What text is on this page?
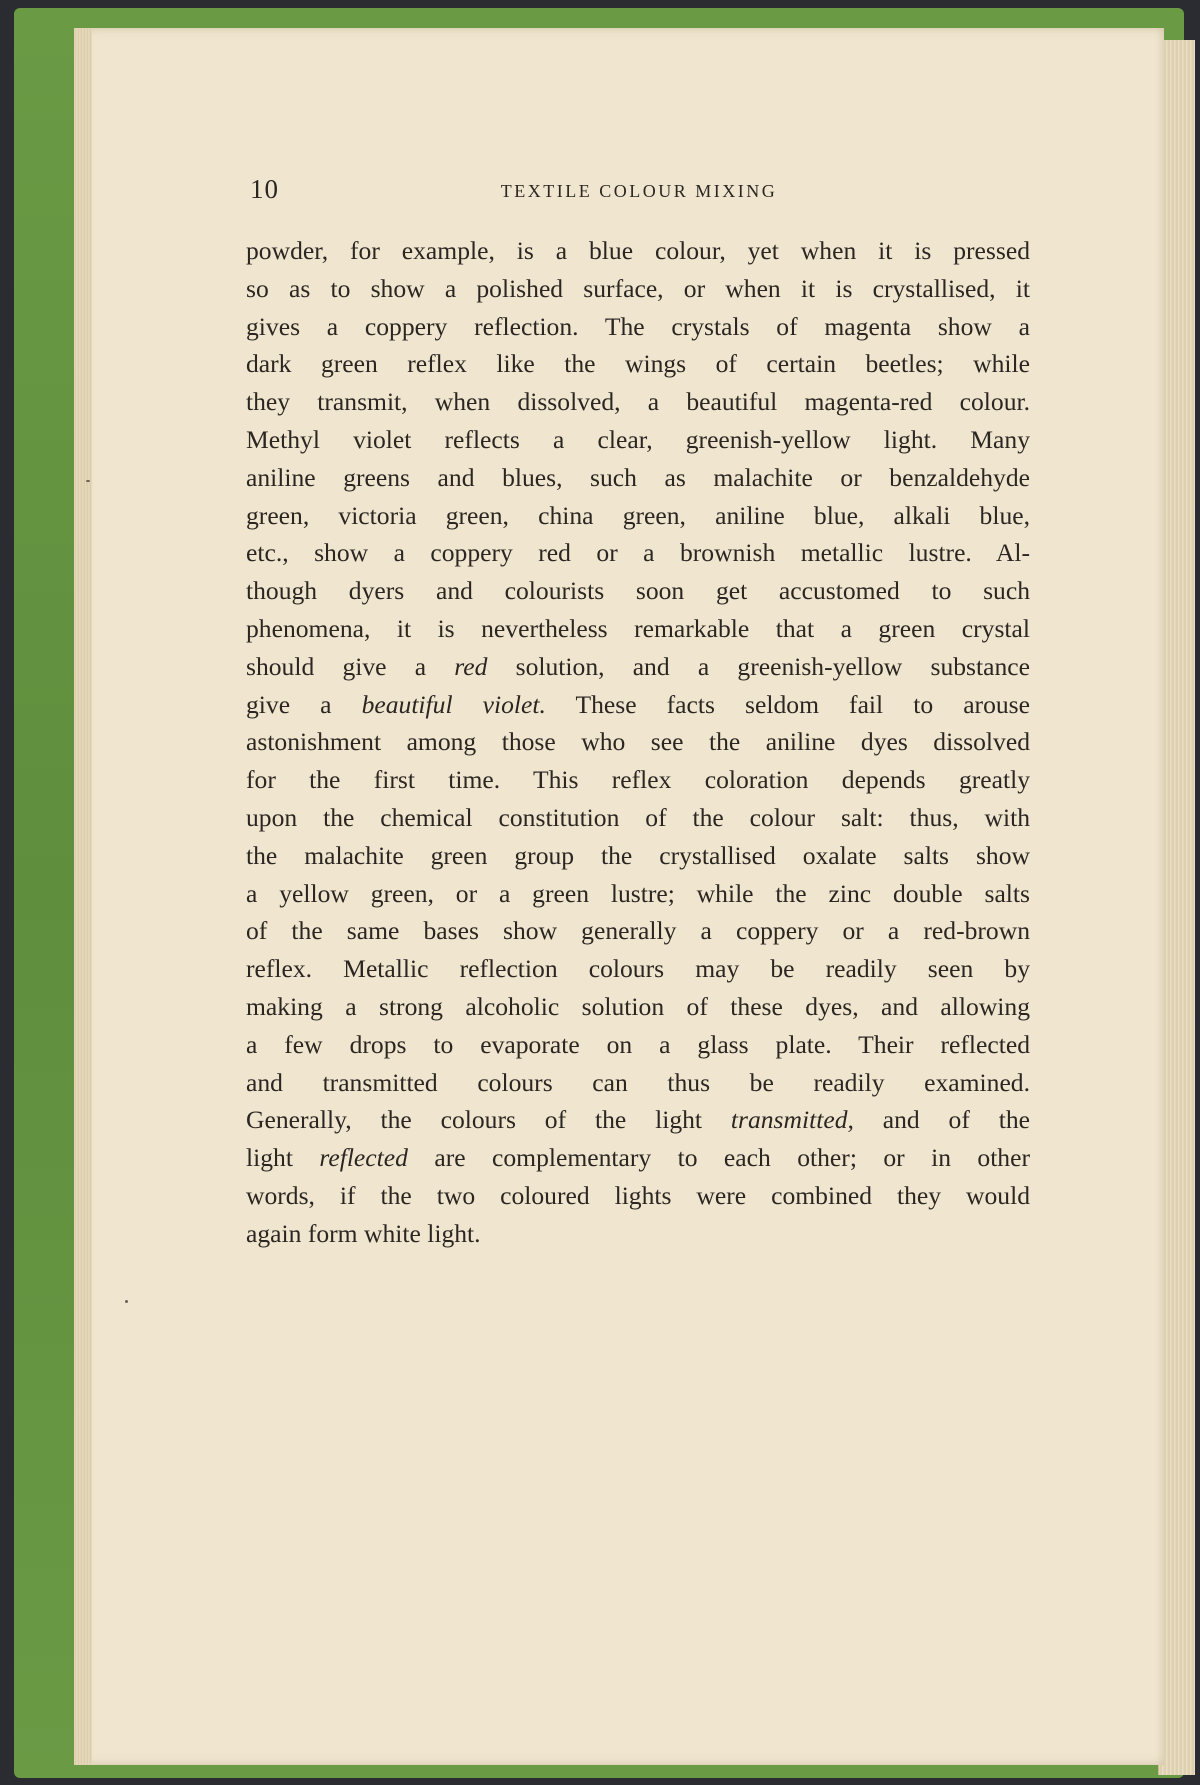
10	TEXTILE COLOUR MIXING
powder, for example, is a blue colour, yet when it is pressed
so as to show a polished surface, or when it is crystallised, it
gives a coppery reflection. The crystals of magenta show a
dark green reflex like the wings of certain beetles; while
they transmit, when dissolved, a beautiful magenta-red colour.
Methyl violet reflects a clear, greenish-yellow light. Many
aniline greens and blues, such as malachite or benzaldehyde
green, victoria green, china green, aniline blue, alkali blue,
etc., show a coppery red or a brownish metallic lustre. Al-
though dyers and colourists soon get accustomed to such
phenomena, it is nevertheless remarkable that a green crystal
should give a red solution, and a greenish-yellow substance
give a beautiful violet. These facts seldom fail to arouse
astonishment among those who see the aniline dyes dissolved
for the first time. This reflex coloration depends greatly
upon the chemical constitution of the colour salt: thus, with
the malachite green group the crystallised oxalate salts show
a yellow green, or a green lustre; while the zinc double salts
of the same bases show generally a coppery or a red-brown
reflex. Metallic reflection colours may be readily seen by
making a strong alcoholic solution of these dyes, and allowing
a few drops to evaporate on a glass plate. Their reflected
and transmitted colours can thus be readily examined.
Generally, the colours of the light transmitted, and of the
light reflected are complementary to each other; or in other
words, if the two coloured lights were combined they would
again form white light.
